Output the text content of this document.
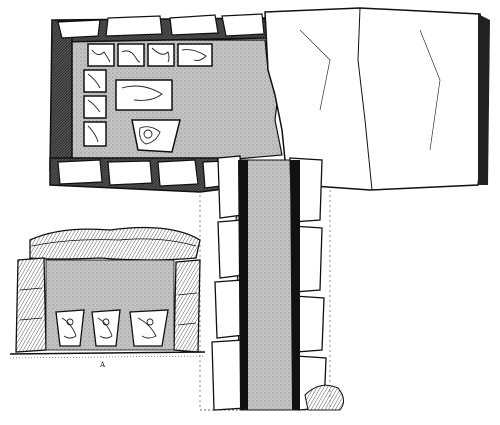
A
